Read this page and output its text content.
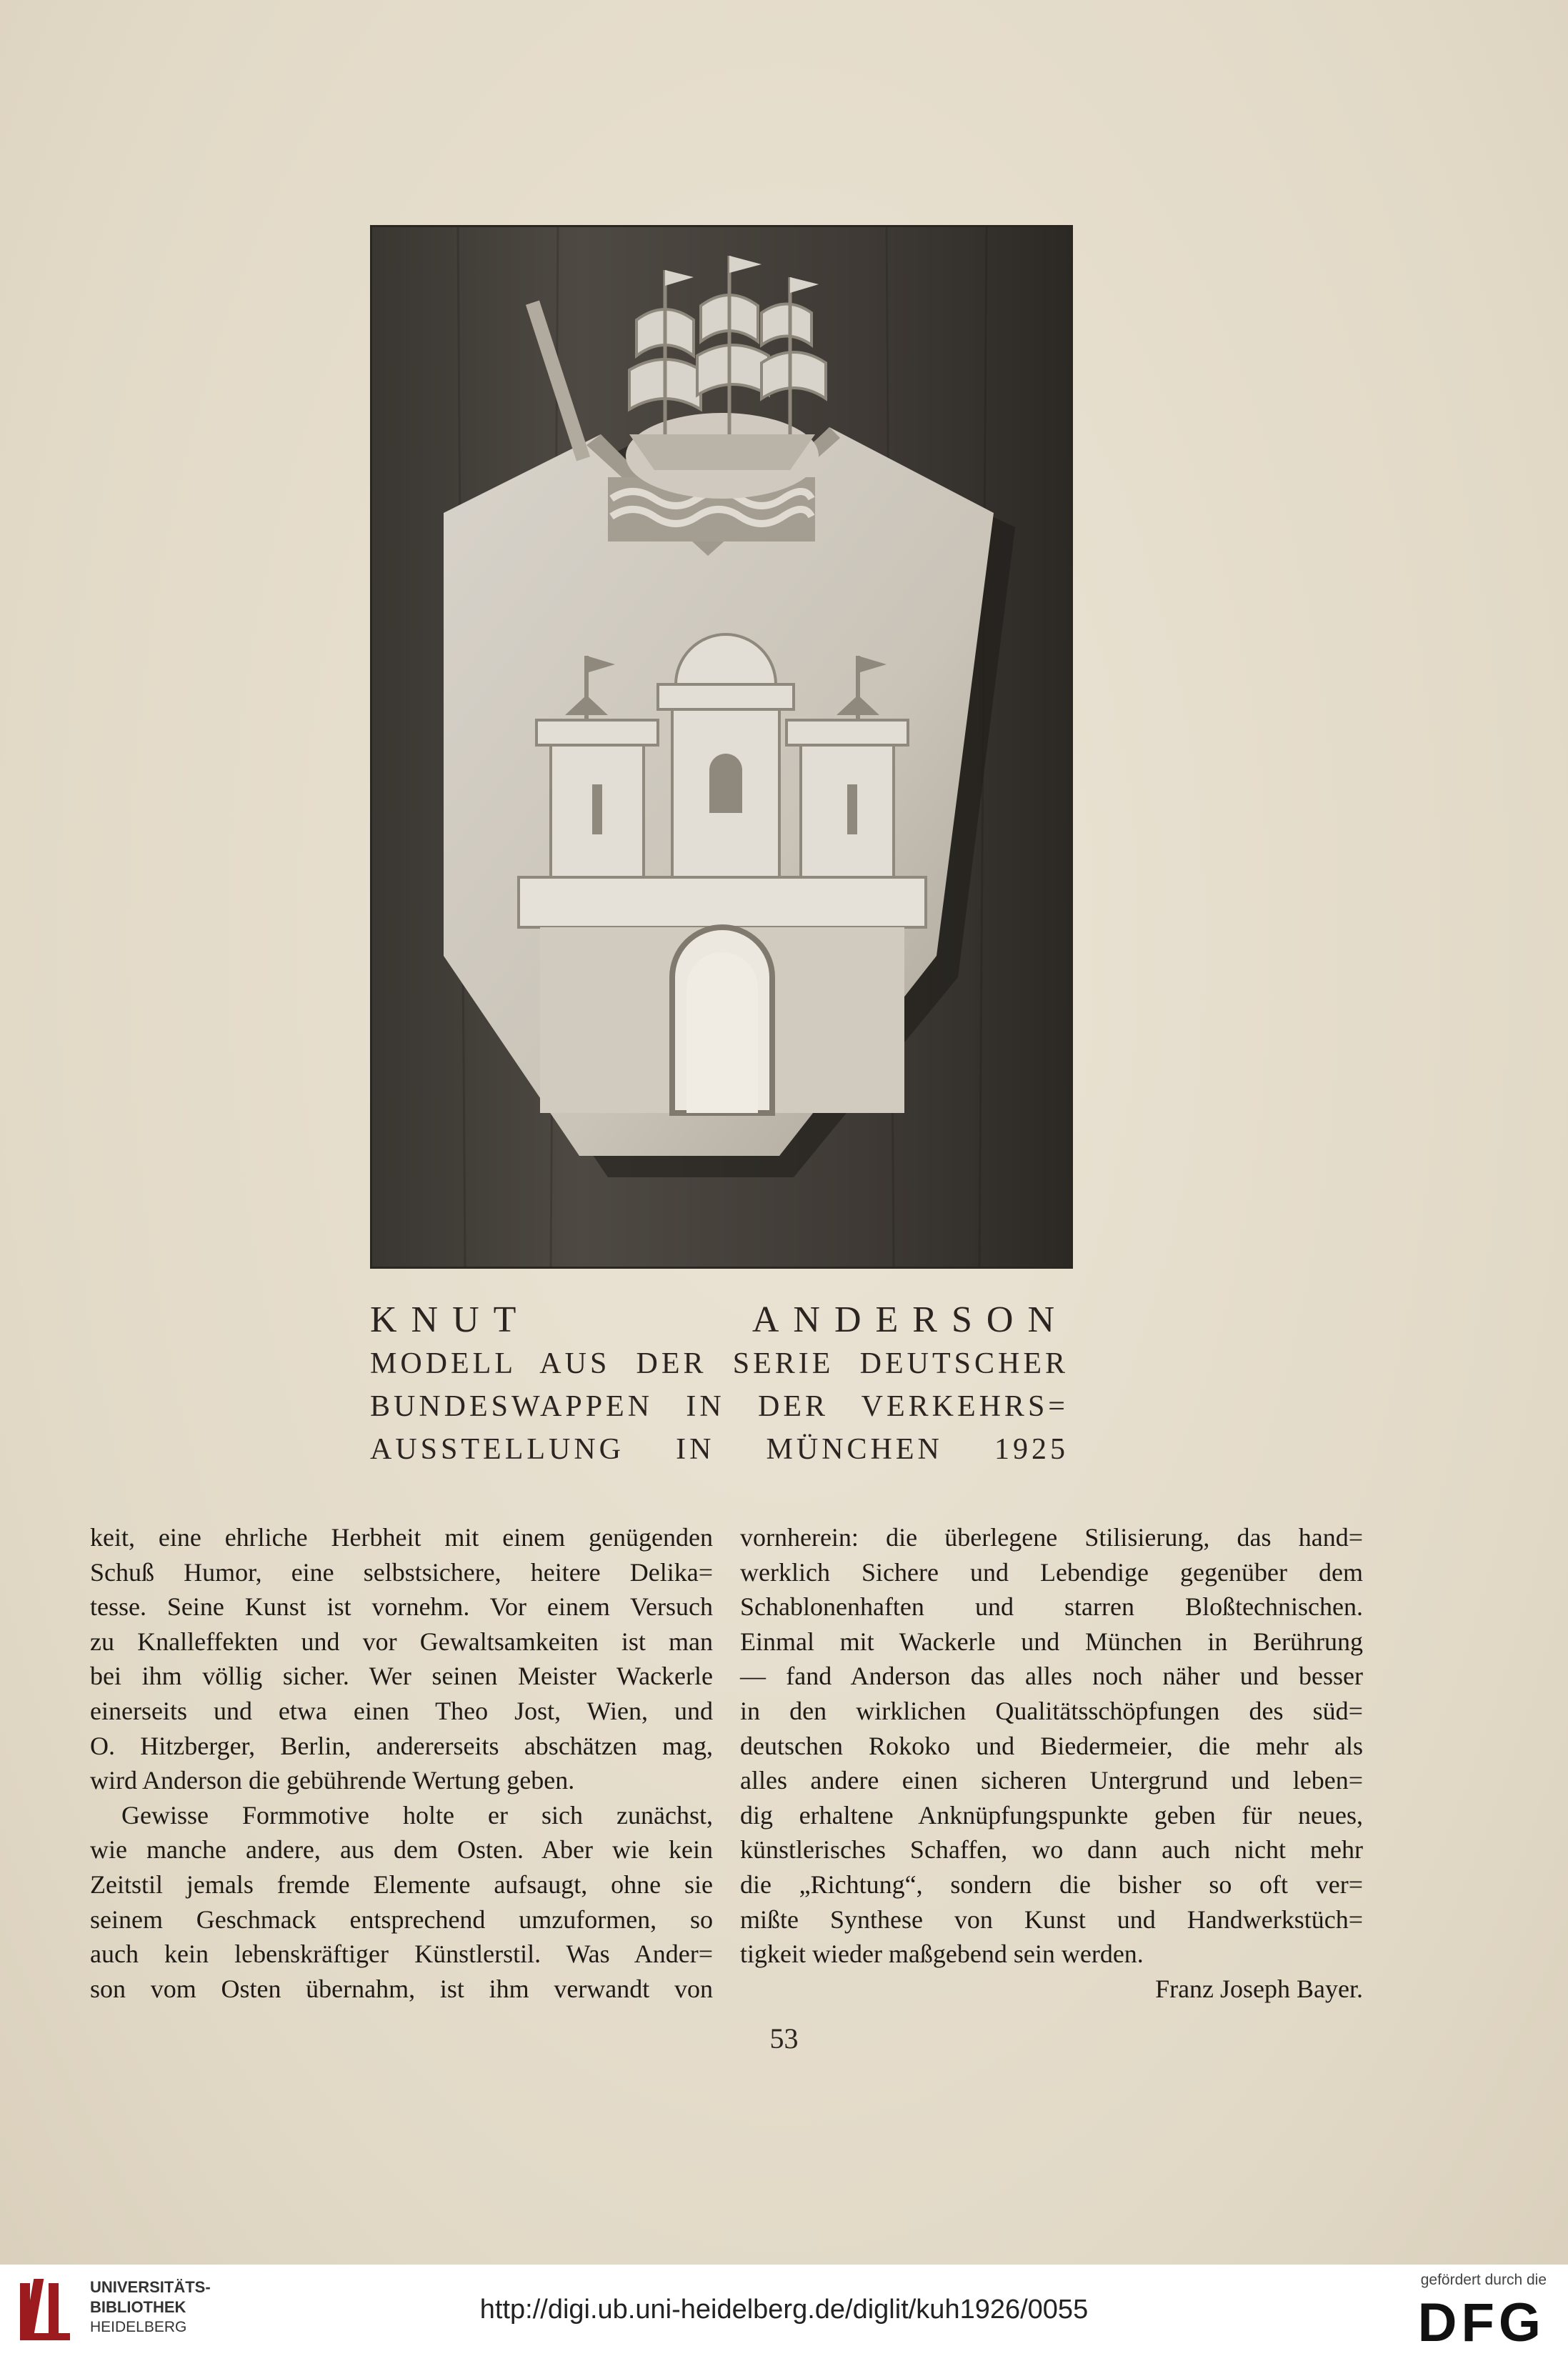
KNUT ANDERSON
MODELL AUS DER SERIE DEUTSCHER
BUNDESWAPPEN IN DER VERKEHRS=
AUSSTELLUNG IN MÜNCHEN 1925
keit, eine ehrliche Herbheit mit einem genügenden
Schuß Humor, eine selbstsichere, heitere Delika=
tesse. Seine Kunst ist vornehm. Vor einem Versuch
zu Knalleffekten und vor Gewaltsamkeiten ist man
bei ihm völlig sicher. Wer seinen Meister Wackerle
einerseits und etwa einen Theo Jost, Wien, und
O. Hitzberger, Berlin, andererseits abschätzen mag,
wird Anderson die gebührende Wertung geben.
Gewisse Formmotive holte er sich zunächst,
wie manche andere, aus dem Osten. Aber wie kein
Zeitstil jemals fremde Elemente aufsaugt, ohne sie
seinem Geschmack entsprechend umzuformen, so
auch kein lebenskräftiger Künstlerstil. Was Ander=
son vom Osten übernahm, ist ihm verwandt von
vornherein: die überlegene Stilisierung, das hand=
werklich Sichere und Lebendige gegenüber dem
Schablonenhaften und starren Bloßtechnischen.
Einmal mit Wackerle und München in Berührung
— fand Anderson das alles noch näher und besser
in den wirklichen Qualitätsschöpfungen des süd=
deutschen Rokoko und Biedermeier, die mehr als
alles andere einen sicheren Untergrund und leben=
dig erhaltene Anknüpfungspunkte geben für neues,
künstlerisches Schaffen, wo dann auch nicht mehr
die „Richtung“, sondern die bisher so oft ver=
mißte Synthese von Kunst und Handwerkstüch=
tigkeit wieder maßgebend sein werden.
Franz Joseph Bayer.
53
UNIVERSITÄTS-
BIBLIOTHEK
HEIDELBERG
http://digi.ub.uni-heidelberg.de/diglit/kuh1926/0055
gefördert durch die
DFG
